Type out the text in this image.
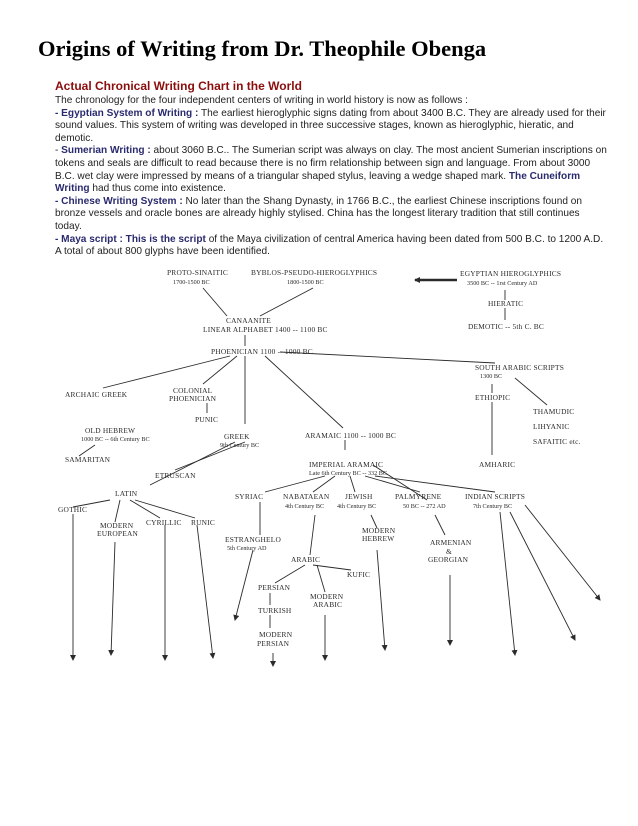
Origins of Writing from Dr. Theophile Obenga
Actual Chronical Writing Chart in the World

The chronology for the four independent centers of writing in world history is now as follows :

- Egyptian System of Writing : The earliest hieroglyphic signs dating from about 3400 B.C. They are already used for their sound values. This system of writing was developed in three successive stages, known as hieroglyphic, hieratic, and demotic.

- Sumerian Writing : about 3060 B.C.. The Sumerian script was always on clay. The most ancient Sumerian inscriptions on tokens and seals are difficult to read because there is no firm relationship between sign and language. From about 3000 B.C. wet clay were impressed by means of a triangular shaped stylus, leaving a wedge shaped mark. The Cuneiform Writing had thus come into existence.

- Chinese Writing System : No later than the Shang Dynasty, in 1766 B.C., the earliest Chinese inscriptions found on bronze vessels and oracle bones are already highly stylised. China has the longest literary tradition that still continues today.

- Maya script : This is the script of the Maya civilization of central America having been dated from 500 B.C. to 1200 A.D. A total of about 800 glyphs have been identified.

PROTO-SINAITIC
1700-1500 BC
BYBLOS-PSEUDO-HIEROGLYPHICS
1800-1500 BC
EGYPTIAN HIEROGLYPHICS
3500 BC -- 1rst Century AD
HIERATIC
DEMOTIC -- 5th C. BC
CANAANITE
LINEAR ALPHABET 1400 -- 1100 BC
PHOENICIAN 1100 -- 1000 BC
SOUTH ARABIC SCRIPTS
1300 BC
ARCHAIC GREEK	COLONIAL
PHOENICIAN	ETHIOPIC
THAMUDIC
LIHYANIC
SAFAITIC etc.
PUNIC
OLD HEBREW
1000 BC -- 6th Century BC	GREEK
9th Century BC
ARAMAIC 1100 -- 1000 BC
SAMARITAN
AMHARIC
IMPERIAL ARAMAIC
Late 6th Century BC -- 332 BC
ETRUSCAN
LATIN	SYRIAC	NABATAEAN
4th Century BC
JEWISH
4th Century BC
PALMYRENE
50 BC -- 272 AD
INDIAN SCRIPTS
7th Century BC
GOTHIC
MODERN
EUROPEAN
CYRILLIC RUNIC
MODERN
HEBREW	ARMENIAN
&
GEORGIAN
ESTRANGHELO
5th Century AD
ARABIC
KUFIC
PERSIAN
MODERN
ARABIC
TURKISH
MODERN
PERSIAN
